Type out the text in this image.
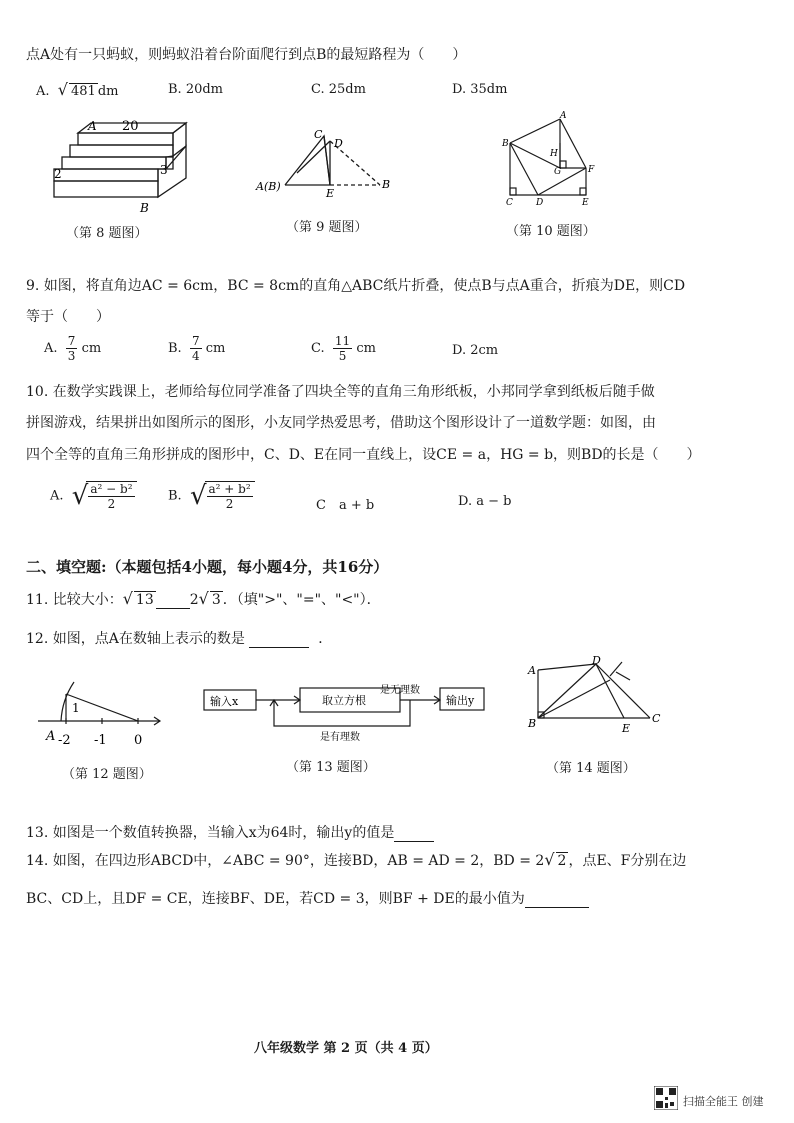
点A处有一只蚂蚁，则蚂蚁沿着台阶面爬行到点B的最短路程为（　　）
A. √ 481 dm	B. 20dm	C. 25dm	D. 35dm
A 20
2	3
B
C
D
A(B)
E
B
A
B
H
G	F
C	D	E
（第 8 题图）	（第 9 题图）	（第 10 题图）
9. 如图，将直角边AC = 6cm，BC = 8cm的直角△ABC纸片折叠，使点B与点A重合，折痕为DE，则CD
等于（　　）
A. $\frac{7}{3}$ cm	B. $\frac{7}{4}$ cm	C. $\frac{11}{5}$ cm	D. 2cm
10. 在数学实践课上，老师给每位同学准备了四块全等的直角三角形纸板，小邦同学拿到纸板后随手做
拼图游戏，结果拼出如图所示的图形，小友同学热爱思考，借助这个图形设计了一道数学题：如图，由
四个全等的直角三角形拼成的图形中，C、D、E在同一直线上，设CE = a，HG = b，则BD的长是（　　）
A. √
$\frac{\text{a² − b²}}{2} B$. √
$\frac{\text{a² + b²}}{2}$	C　a + b	D. a − b
二、填空题:（本题包括4小题，每小题4分，共16分）
11. 比较大小：√ 13	2√ 3 ．（填">"、"="、"<"）．
12. 如图，点A在数轴上表示的数是	．
1
A -2 -1 0
输入x	取立方根
是无理数
输出y
是有理数
A
D
B	E
C
（第 12 题图）	（第 13 题图）	（第 14 题图）
13. 如图是一个数值转换器，当输入x为64时，输出y的值是
14. 如图，在四边形ABCD中，∠ABC = 90°，连接BD，AB = AD = 2，BD = 2√ 2 ，点E、F分别在边
BC、CD上，且DF = CE，连接BF、DE，若CD = 3，则BF + DE的最小值为
八年级数学 第 2 页（共 4 页）
扫描全能王 创建
